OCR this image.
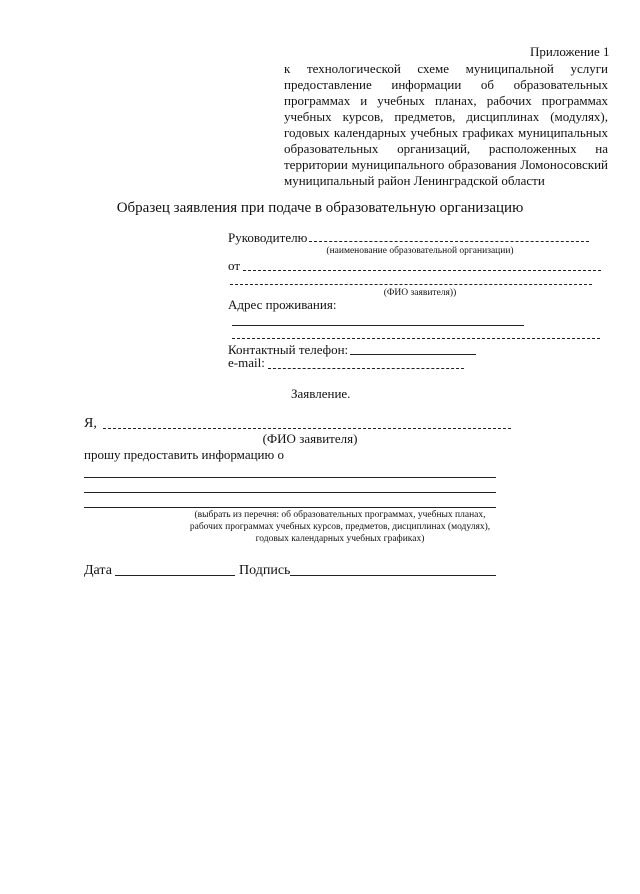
Приложение 1
к технологической схеме муниципальной услуги
предоставление информации об образовательных
программах и учебных планах, рабочих программах
учебных курсов, предметов, дисциплинах (модулях),
годовых календарных учебных графиках муниципальных
образовательных организаций, расположенных на
территории муниципального образования Ломоносовский
муниципальный район Ленинградской области
Образец заявления при подаче в образовательную организацию
Руководителю
(наименование образовательной организации)
от
(ФИО заявителя))
Адрес проживания:
Контактный телефон:
e-mail:
Заявление.
Я,
(ФИО заявителя)
прошу предоставить информацию о
(выбрать из перечня: об образовательных программах, учебных планах,
рабочих программах учебных курсов, предметов, дисциплинах (модулях),
годовых календарных учебных графиках)
Дата	Подпись
